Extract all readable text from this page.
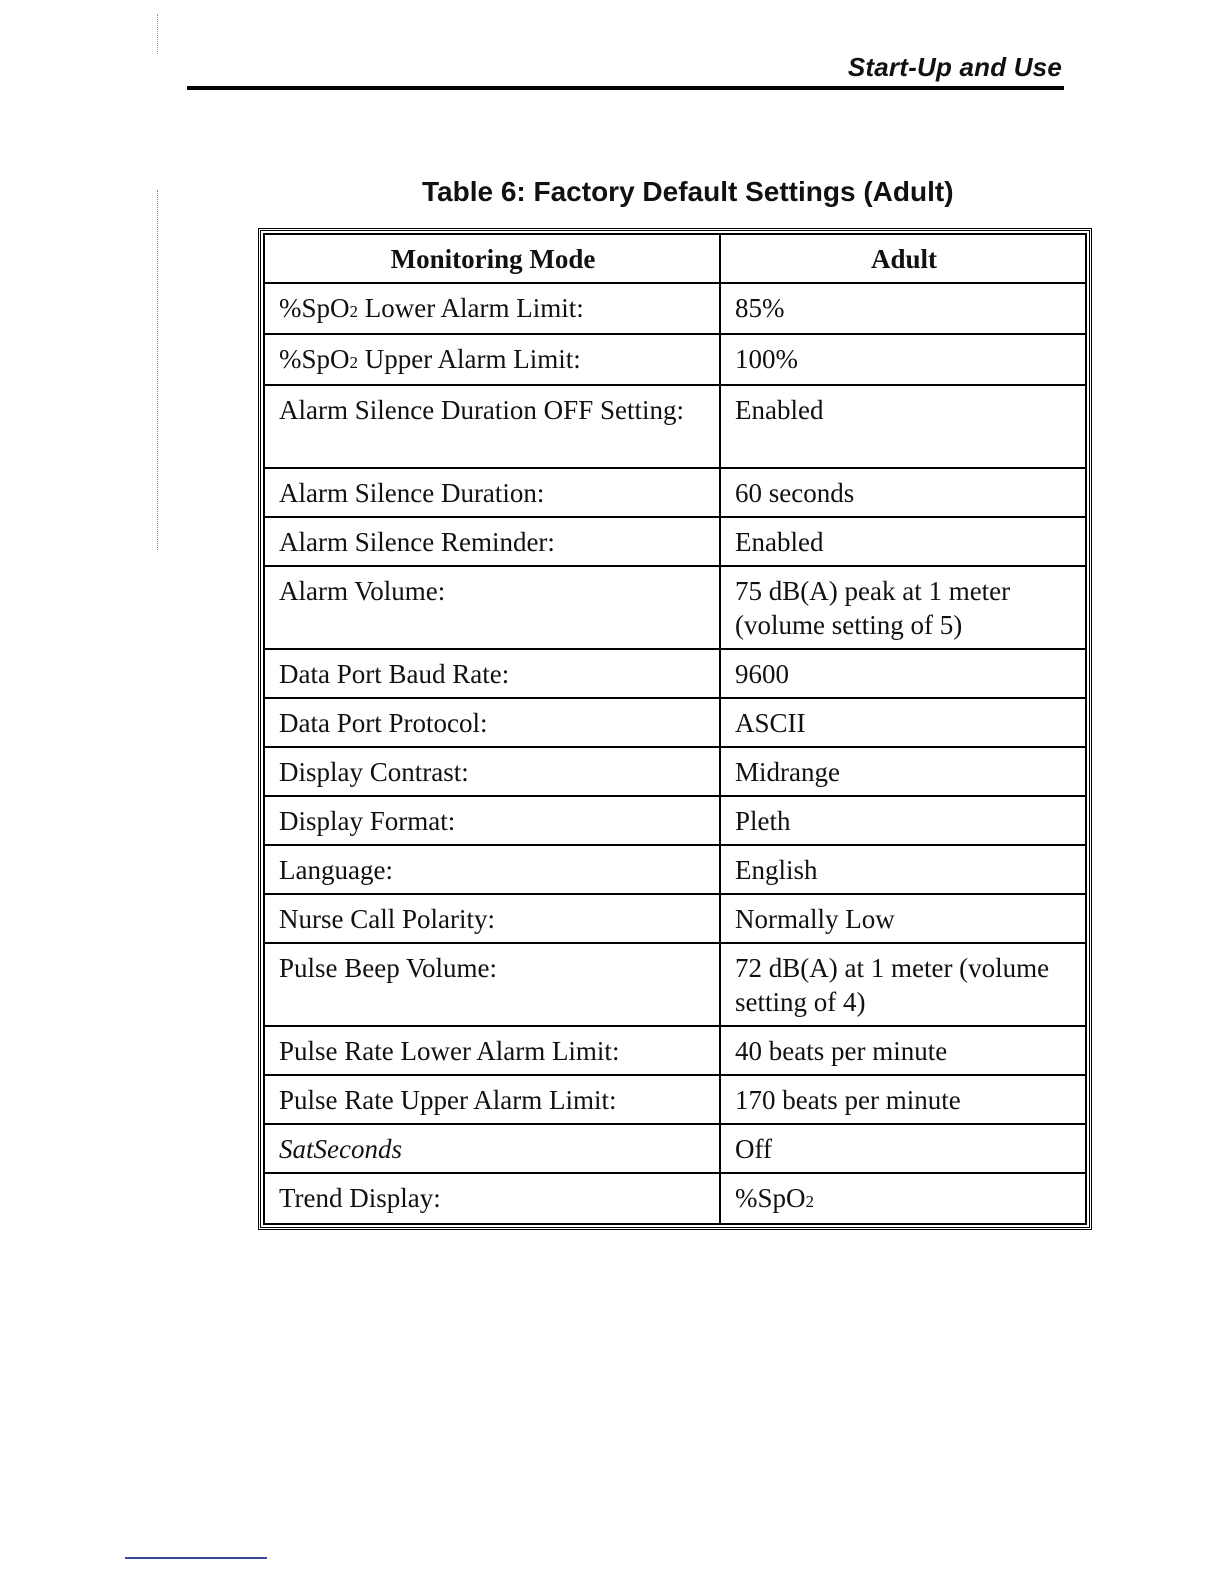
Start-Up and Use
Table 6: Factory Default Settings (Adult)
Monitoring Mode	Adult
%SpO2 Lower Alarm Limit:	85%
%SpO2 Upper Alarm Limit:	100%
Alarm Silence Duration OFF Setting:	Enabled
Alarm Silence Duration:	60 seconds
Alarm Silence Reminder:	Enabled
Alarm Volume:	75 dB(A) peak at 1 meter (volume setting of 5)
Data Port Baud Rate:	9600
Data Port Protocol:	ASCII
Display Contrast:	Midrange
Display Format:	Pleth
Language:	English
Nurse Call Polarity:	Normally Low
Pulse Beep Volume:	72 dB(A) at 1 meter (volume setting of 4)
Pulse Rate Lower Alarm Limit:	40 beats per minute
Pulse Rate Upper Alarm Limit:	170 beats per minute
SatSeconds	Off
Trend Display:	%SpO2
